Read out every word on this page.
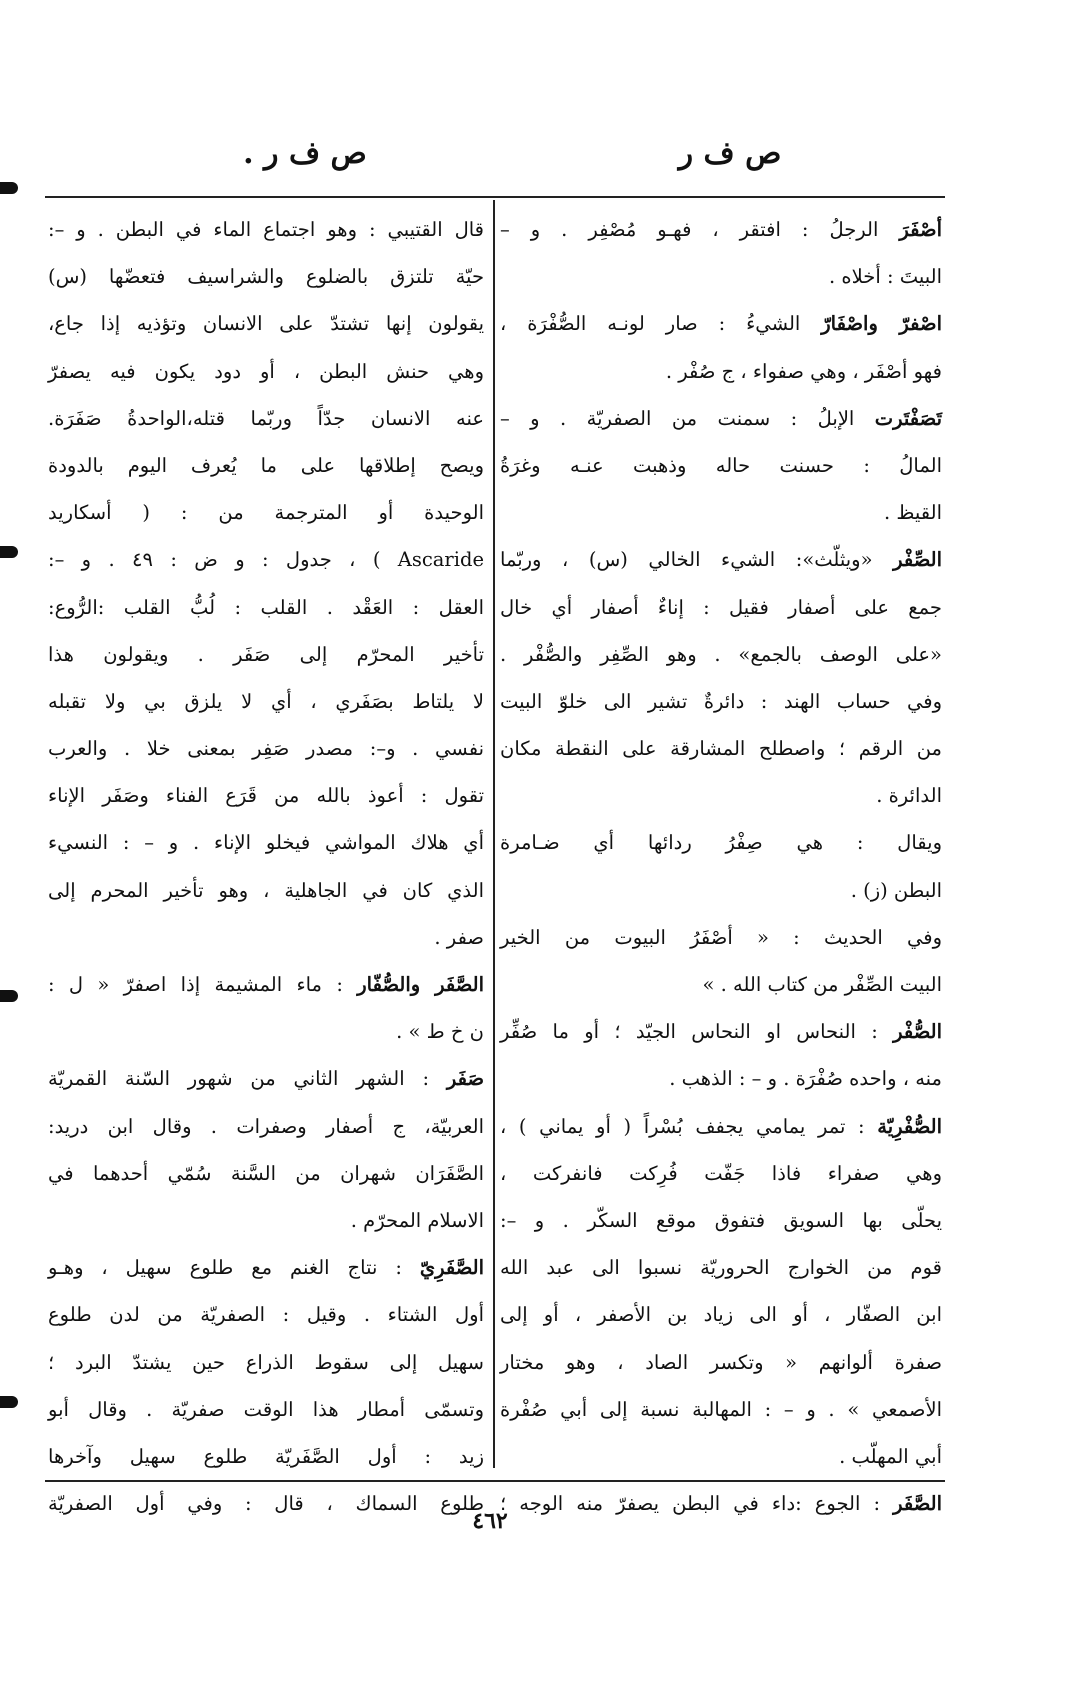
ص ف ر
ص ف ر .
أصْفَرَ الرجلُ : افتقر ، فهـو مُصْفِر . و –
البيتَ : أخلاه .
اصْفرّ واصْفَارّ الشيءُ : صار لونـه الصُّفْرَة ،
فهو أصْفَر ، وهي صفواء ، ج صُفْر .
تَصَفْتَرت الإبلُ : سمنت من الصفريّة . و –
المالُ : حسنت حاله وذهبت عنـه وغرَةُ
القيظ .
الصِّفْر «ويثلّث»: الشيء الخالي (س) ، وربّما
جمع على أصفار فقيل : إناءٌ أصفار أي خال
«على الوصف بالجمع» . وهو الصِّفِر والصُّفْر .
وفي حساب الهند : دائرةٌ تشير الى خلوّ البيت
من الرقم ؛ واصطلح المشارقة على النقطة مكان
الدائرة .
ويقال : هي صِفْرُ ردائها أي ضـامرة
البطن (ز) .
وفي الحديث : « أصْفَرُ البيوت من الخير
البيت الصِّفْر من كتاب الله . »
الصُّفْر : النحاس او النحاس الجيّد ؛ أو ما صُفِّر
منه ، واحده صُفْرَة . و – : الذهب .
الصُّفْرِيّة : تمر يمامي يجفف بُسْراً ( أو يماني ) ،
وهي صفراء فاذا جَفّت فُرِكت فانفركت ،
يحلّى بها السويق فتفوق موقع السكّر . و –:
قوم من الخوارج الحروريّة نسبوا الى عبد الله
ابن الصفّار ، أو الى زياد بن الأصفر ، أو إلى
صفرة ألوانهم « وتكسر الصاد ، وهو مختار
الأصمعي » . و – : المهالبة نسبة إلى أبي صُفْرة
أبي المهلّب .
الصَّفَر : الجوع :داء في البطن يصفرّ منه الوجه ؛
قال القتيبي : وهو اجتماع الماء في البطن . و –:
حيّة تلتزق بالضلوع والشراسيف فتعضّها (س)
يقولون إنها تشتدّ على الانسان وتؤذيه إذا جاع،
وهي حنش البطن ، أو دود يكون فيه يصفرّ
عنه الانسان جدّاً وربّما قتله،الواحدةُ صَفَرَة.
ويصح إطلاقها على ما يُعرف اليوم بالدودة
الوحيدة أو المترجمة من : ( أسكاريد
Ascaride ) ، جدول : و ض : ٤٩ . و –:
العقل : العَقْد . القلب : لُبُّ القلب :الرُّوع:
تأخير المحرّم إلى صَفَر . ويقولون هذا
لا يلتاط بصَفَري ، أي لا يلزق بي ولا تقبله
نفسي . و–: مصدر صَفِر بمعنى خلا . والعرب
تقول : أعوذ بالله من قَرَع الفناء وصَفَر الإناء
أي هلاك المواشي فيخلو الإناء . و – : النسيء
الذي كان في الجاهلية ، وهو تأخير المحرم إلى
صفر .
الصَّفَر والصُّفّار : ماء المشيمة إذا اصفرّ « ل :
ن خ ط » .
صَفَر : الشهر الثاني من شهور السّنة القمريّة
العربيّة، ج أصفار وصفرات . وقال ابن دريد:
الصَّفَرَان شهران من السَّنة سُمّي أحدهما في
الاسلام المحرّم .
الصَّفَرِيّ : نتاج الغنم مع طلوع سهيل ، وهـو
أول الشتاء . وقيل : الصفريّة من لدن طلوع
سهيل إلى سقوط الذراع حين يشتدّ البرد ؛
وتسمّى أمطار هذا الوقت صفريّة . وقال أبو
زيد : أول الصَّفَريّة طلوع سهيل وآخرها
طلوع السماك ، قال : وفي أول الصفريّة
٤٦٢
